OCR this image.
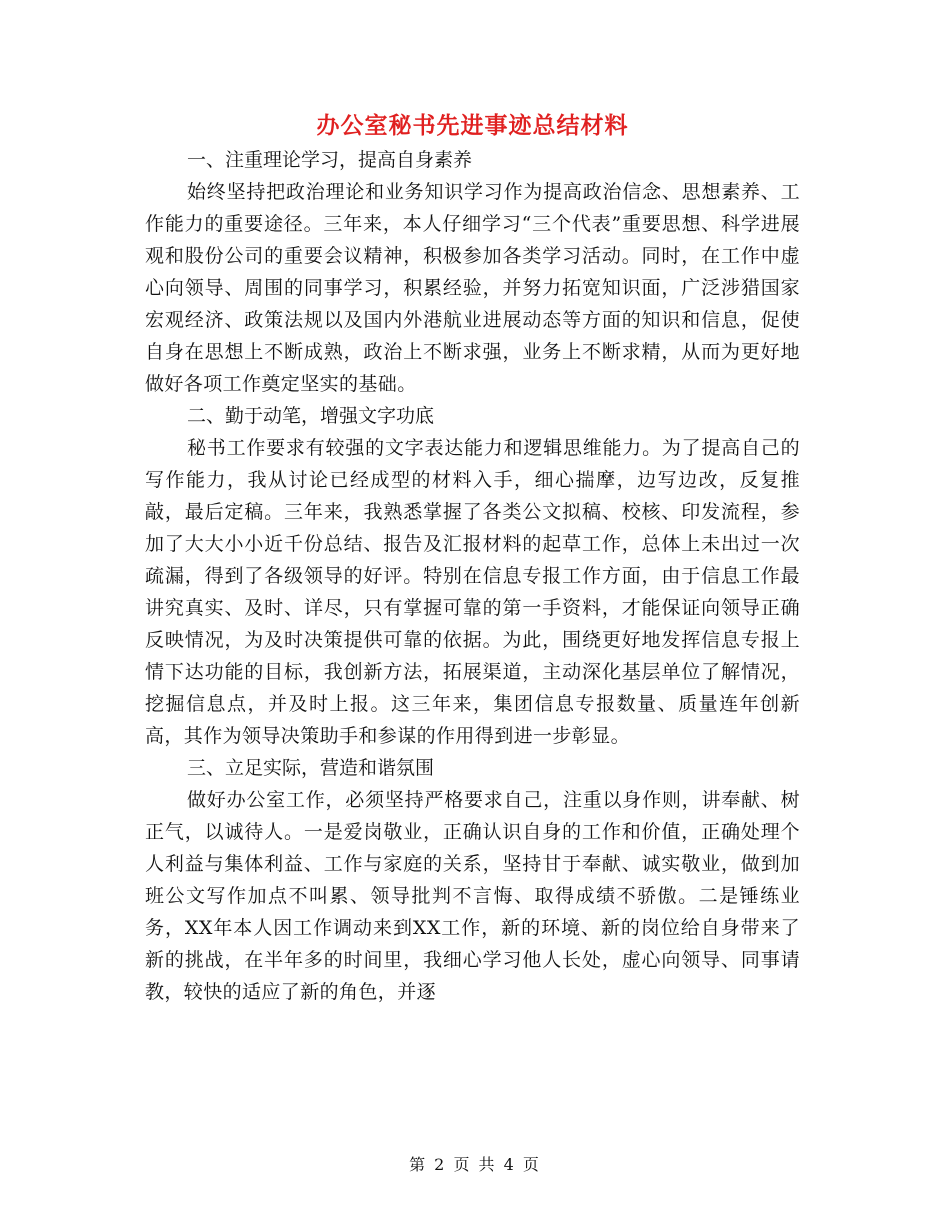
办公室秘书先进事迹总结材料

一、注重理论学习，提高自身素养

始终坚持把政治理论和业务知识学习作为提高政治信念、思想素养、工作能力的重要途径。三年来，本人仔细学习“三个代表”重要思想、科学进展观和股份公司的重要会议精神，积极参加各类学习活动。同时，在工作中虚心向领导、周围的同事学习，积累经验，并努力拓宽知识面，广泛涉猎国家宏观经济、政策法规以及国内外港航业进展动态等方面的知识和信息，促使自身在思想上不断成熟，政治上不断求强，业务上不断求精，从而为更好地做好各项工作奠定坚实的基础。

二、勤于动笔，增强文字功底

秘书工作要求有较强的文字表达能力和逻辑思维能力。为了提高自己的写作能力，我从讨论已经成型的材料入手，细心揣摩，边写边改，反复推敲，最后定稿。三年来，我熟悉掌握了各类公文拟稿、校核、印发流程，参加了大大小小近千份总结、报告及汇报材料的起草工作，总体上未出过一次疏漏，得到了各级领导的好评。特别在信息专报工作方面，由于信息工作最讲究真实、及时、详尽，只有掌握可靠的第一手资料，才能保证向领导正确反映情况，为及时决策提供可靠的依据。为此，围绕更好地发挥信息专报上情下达功能的目标，我创新方法，拓展渠道，主动深化基层单位了解情况，挖掘信息点，并及时上报。这三年来，集团信息专报数量、质量连年创新高，其作为领导决策助手和参谋的作用得到进一步彰显。

三、立足实际，营造和谐氛围

做好办公室工作，必须坚持严格要求自己，注重以身作则，讲奉献、树正气，以诚待人。一是爱岗敬业，正确认识自身的工作和价值，正确处理个人利益与集体利益、工作与家庭的关系，坚持甘于奉献、诚实敬业，做到加班公文写作加点不叫累、领导批判不言悔、取得成绩不骄傲。二是锤练业务，XX年本人因工作调动来到XX工作，新的环境、新的岗位给自身带来了新的挑战，在半年多的时间里，我细心学习他人长处，虚心向领导、同事请教，较快的适应了新的角色，并逐

第 2 页 共 4 页
